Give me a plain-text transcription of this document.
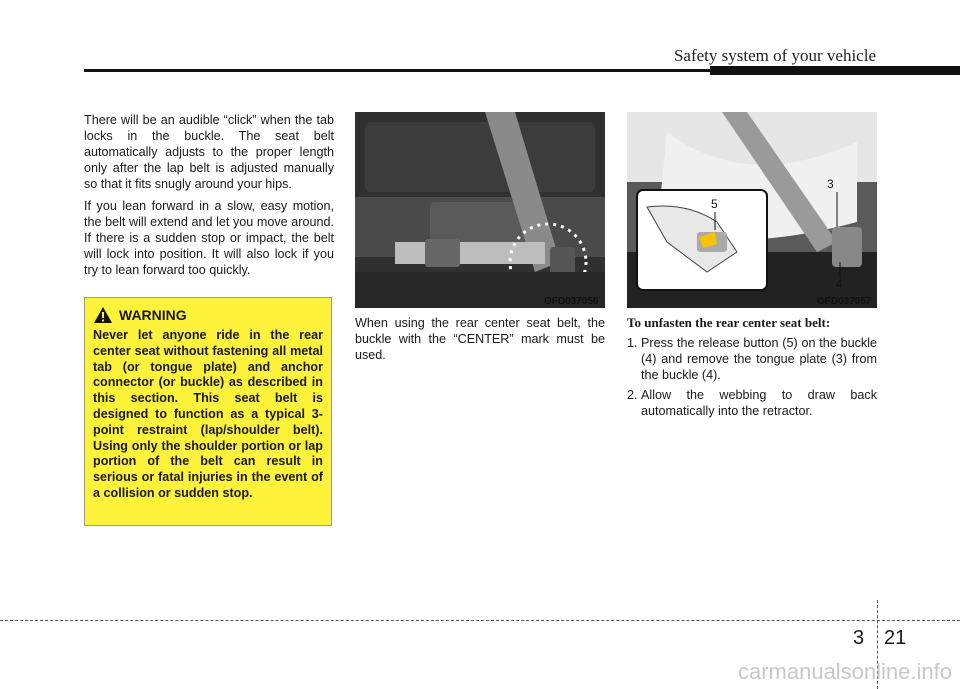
Safety system of your vehicle

There will be an audible “click” when the tab locks in the buckle. The seat belt automatically adjusts to the proper length only after the lap belt is adjusted manually so that it fits snugly around your hips.

If you lean forward in a slow, easy motion, the belt will extend and let you move around. If there is a sudden stop or impact, the belt will lock into position. It will also lock if you try to lean forward too quickly.

WARNING
Never let anyone ride in the rear center seat without fastening all metal tab (or tongue plate) and anchor connector (or buckle) as described in this section. This seat belt is designed to function as a typical 3-point restraint (lap/shoulder belt). Using only the shoulder portion or lap portion of the belt can result in serious or fatal injuries in the event of a collision or sudden stop.
OFD037056
3
5
4
OFD037057
When using the rear center seat belt, the buckle with the “CENTER” mark must be used.
To unfasten the rear center seat belt:
1. Press the release button (5) on the buckle (4) and remove the tongue plate (3) from the buckle (4).
2. Allow the webbing to draw back automatically into the retractor.
3 21
carmanualsonline.info
